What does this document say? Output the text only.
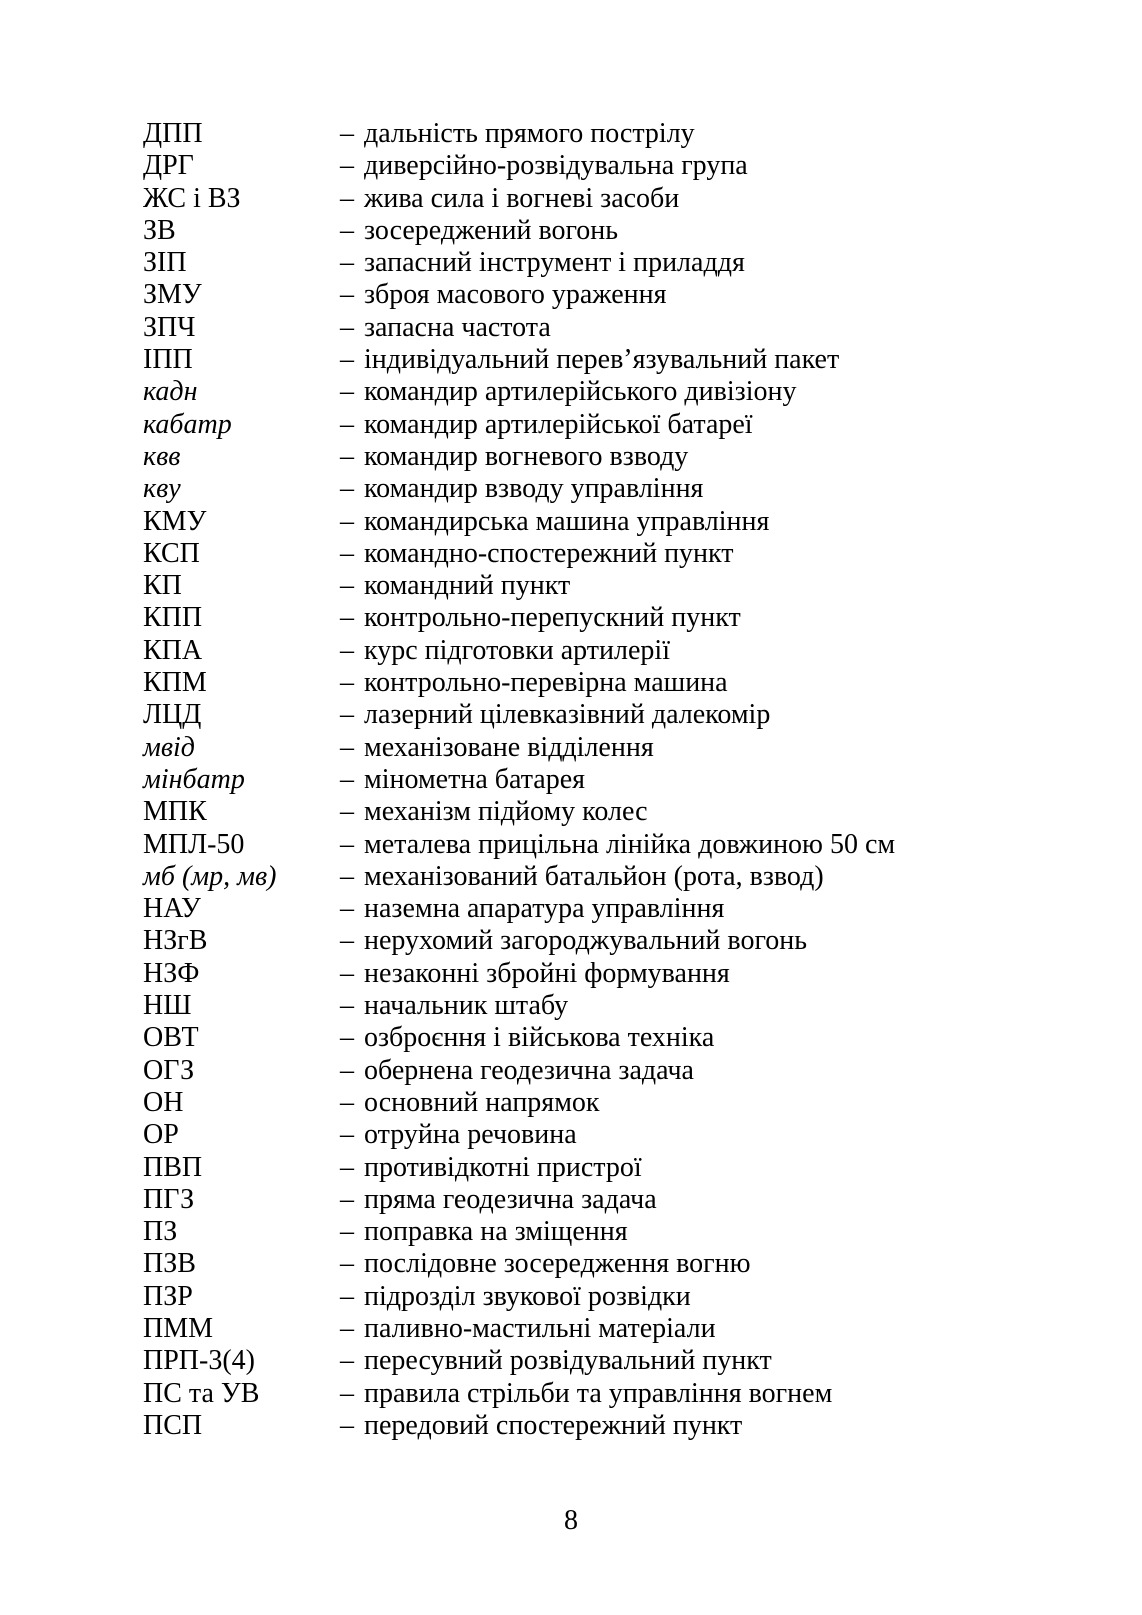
ДПП	– дальність прямого пострілу
ДРГ	– диверсійно-розвідувальна група
ЖС і ВЗ	– жива сила і вогневі засоби
ЗВ	– зосереджений вогонь
ЗІП	– запасний інструмент і приладдя
ЗМУ	– зброя масового ураження
ЗПЧ	– запасна частота
ІПП	– індивідуальний перев’язувальний пакет
кадн	– командир артилерійського дивізіону
кабатр	– командир артилерійської батареї
квв	– командир вогневого взводу
кву	– командир взводу управління
КМУ	– командирська машина управління
КСП	– командно-спостережний пункт
КП	– командний пункт
КПП	– контрольно-перепускний пункт
КПА	– курс підготовки артилерії
КПМ	– контрольно-перевірна машина
ЛЦД	– лазерний цілевказівний далекомір
мвід	– механізоване відділення
мінбатр	– мінометна батарея
МПК	– механізм підйому колес
МПЛ-50	– металева прицільна лінійка довжиною 50 см
мб (мр, мв)	– механізований батальйон (рота, взвод)
НАУ	– наземна апаратура управління
НЗгВ	– нерухомий загороджувальний вогонь
НЗФ	– незаконні збройні формування
НШ	– начальник штабу
ОВТ	– озброєння і військова техніка
ОГЗ	– обернена геодезична задача
ОН	– основний напрямок
ОР	– отруйна речовина
ПВП	– противідкотні пристрої
ПГЗ	– пряма геодезична задача
ПЗ	– поправка на зміщення
ПЗВ	– послідовне зосередження вогню
ПЗР	– підрозділ звукової розвідки
ПММ	– паливно-мастильні матеріали
ПРП-3(4)	– пересувний розвідувальний пункт
ПС та УВ	– правила стрільби та управління вогнем
ПСП	– передовий спостережний пункт
8
